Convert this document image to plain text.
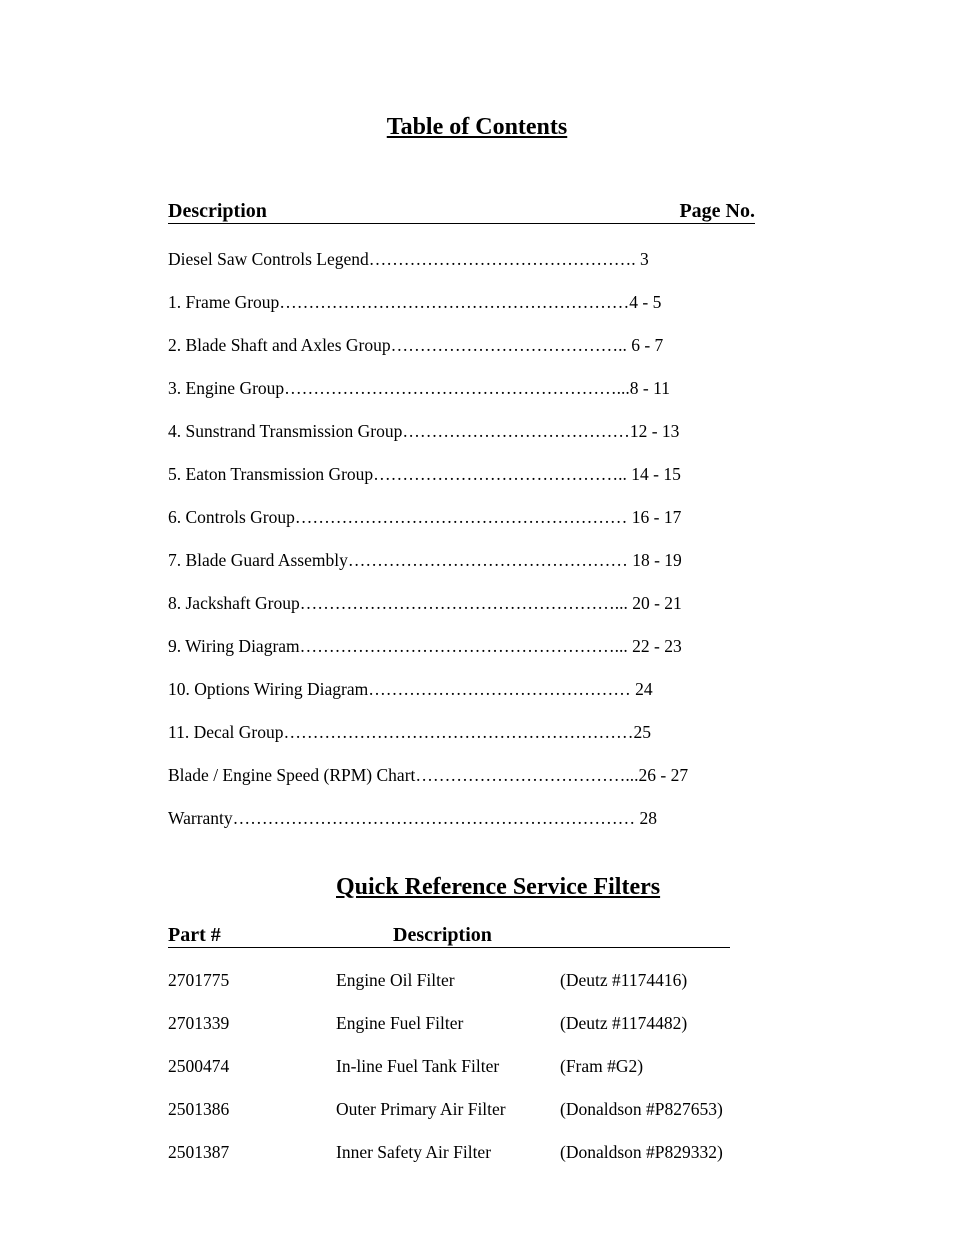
Table of Contents
Description	Page No.
Diesel Saw Controls Legend………………………………………. 3
1. Frame Group……………………………………………………4 - 5
2. Blade Shaft and Axles Group………………………………….. 6 - 7
3. Engine Group…………………………………………………...8 - 11
4. Sunstrand Transmission Group…………………………………12 - 13
5. Eaton Transmission Group…………………………………….. 14 - 15
6. Controls Group………………………………………………… 16 - 17
7. Blade Guard Assembly………………………………………… 18 - 19
8. Jackshaft Group………………………………………………... 20 - 21
9. Wiring Diagram………………………………………………... 22 - 23
10. Options Wiring Diagram……………………………………… 24
11. Decal Group……………………………………………………25
Blade / Engine Speed (RPM) Chart………………………………...26 - 27
Warranty…………………………………………………………… 28
Quick Reference Service Filters
Part #	Description
2701775	Engine Oil Filter	(Deutz #1174416)
2701339	Engine Fuel Filter	(Deutz #1174482)
2500474	In-line Fuel Tank Filter	(Fram #G2)
2501386	Outer Primary Air Filter	(Donaldson #P827653)
2501387	Inner Safety Air Filter	(Donaldson #P829332)
